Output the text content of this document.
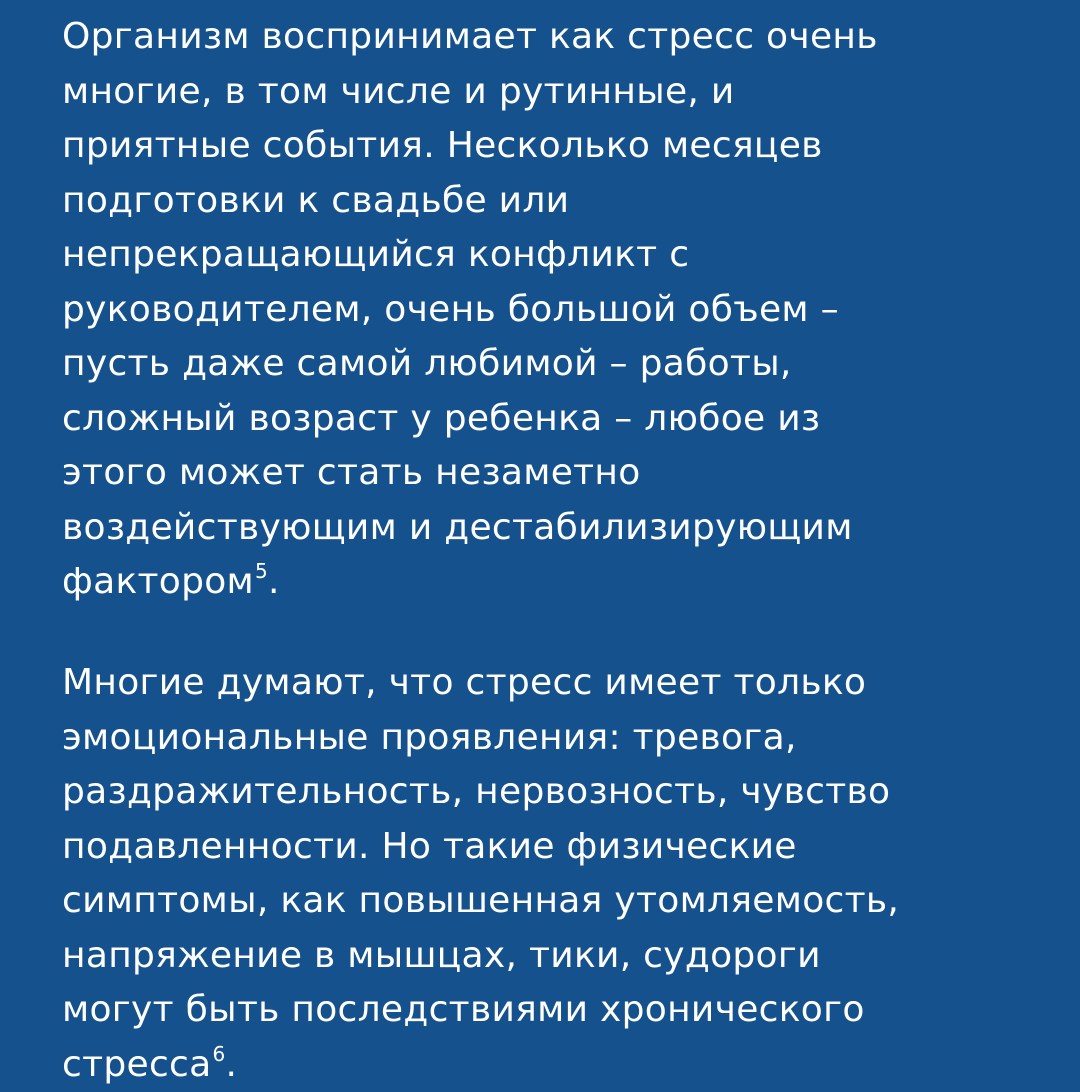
Организм воспринимает как стресс очень
многие, в том числе и рутинные, и
приятные события. Несколько месяцев
подготовки к свадьбе или
непрекращающийся конфликт с
руководителем, очень большой объем –
пусть даже самой любимой – работы,
сложный возраст у ребенка – любое из
этого может стать незаметно
воздействующим и дестабилизирующим
фактором$^5$.

Многие думают, что стресс имеет только
эмоциональные проявления: тревога,
раздражительность, нервозность, чувство
подавленности. Но такие физические
симптомы, как повышенная утомляемость,
напряжение в мышцах, тики, судороги
могут быть последствиями хронического
стресса$^6$.
